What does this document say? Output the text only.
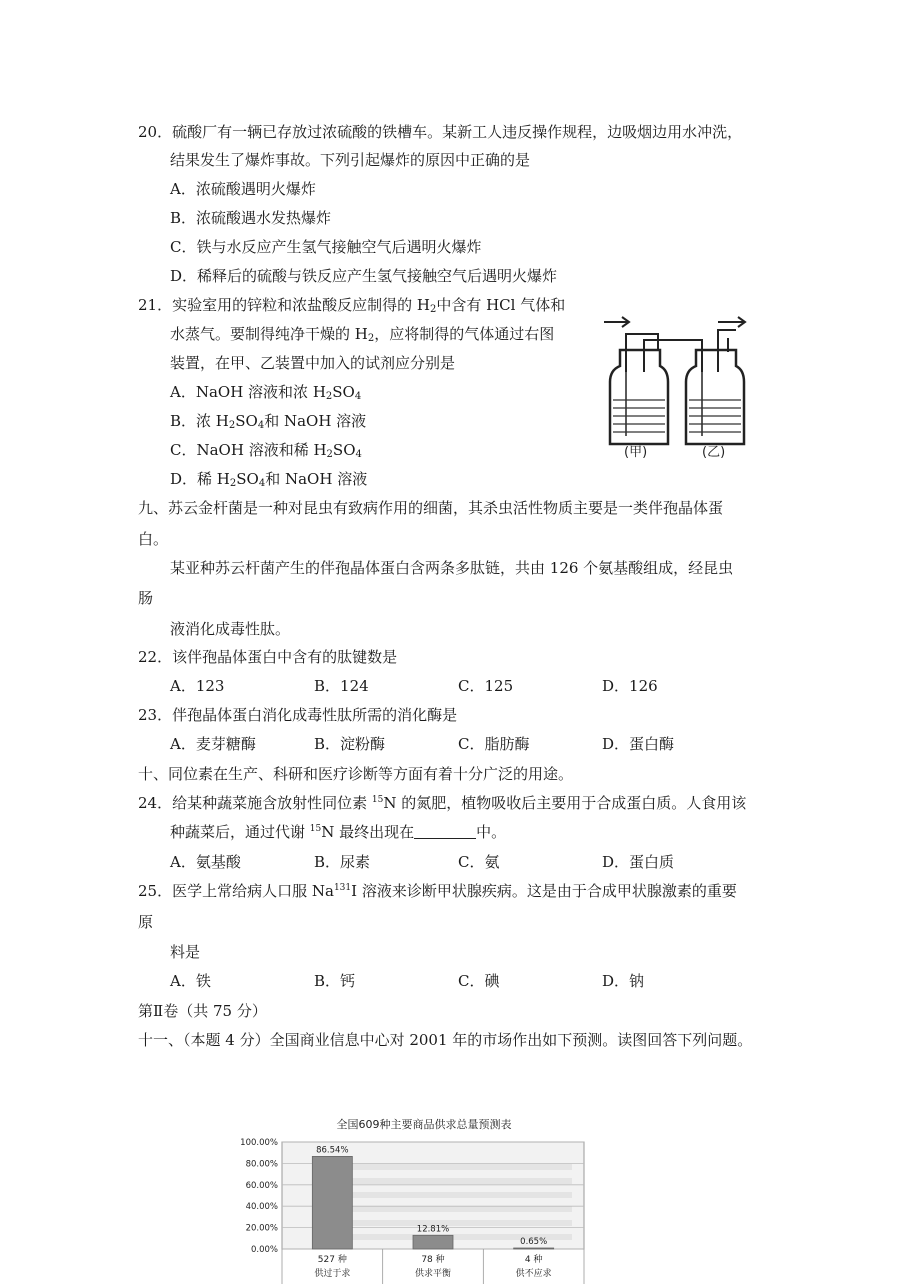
20．硫酸厂有一辆已存放过浓硫酸的铁槽车。某新工人违反操作规程，边吸烟边用水冲洗，
结果发生了爆炸事故。下列引起爆炸的原因中正确的是
A．浓硫酸遇明火爆炸
B．浓硫酸遇水发热爆炸
C．铁与水反应产生氢气接触空气后遇明火爆炸
D．稀释后的硫酸与铁反应产生氢气接触空气后遇明火爆炸
21．实验室用的锌粒和浓盐酸反应制得的 $H_2$中含有 HCl 气体和
水蒸气。要制得纯净干燥的 $H_2$，应将制得的气体通过右图
装置，在甲、乙装置中加入的试剂应分别是
A．NaOH 溶液和浓 $H_2SO_4$
B．浓 $H_2SO_4$和 NaOH 溶液
C．NaOH 溶液和稀 $H_2SO_4$
D．稀 $H_2SO_4$和 NaOH 溶液
(甲)	(乙)
九、苏云金杆菌是一种对昆虫有致病作用的细菌，其杀虫活性物质主要是一类伴孢晶体蛋
白。
某亚种苏云杆菌产生的伴孢晶体蛋白含两条多肽链，共由 126 个氨基酸组成，经昆虫
肠
液消化成毒性肽。
22．该伴孢晶体蛋白中含有的肽键数是
A．123	B．124	C．125	D．126
23．伴孢晶体蛋白消化成毒性肽所需的消化酶是
A．麦芽糖酶	B．淀粉酶	C．脂肪酶	D．蛋白酶
十、同位素在生产、科研和医疗诊断等方面有着十分广泛的用途。
24．给某种蔬菜施含放射性同位素 $^{15}$N 的氮肥，植物吸收后主要用于合成蛋白质。人食用该
种蔬菜后，通过代谢 $^{15}$N 最终出现在	中。
A．氨基酸	B．尿素	C．氨	D．蛋白质
25．医学上常给病人口服 Na$^{131}$I 溶液来诊断甲状腺疾病。这是由于合成甲状腺激素的重要
原
料是
A．铁	B．钙	C．碘	D．钠
第Ⅱ卷（共 75 分）
十一、（本题 4 分）全国商业信息中心对 2001 年的市场作出如下预测。读图回答下列问题。
全国609种主要商品供求总量预测表
100.00%
80.00%
60.00%
40.00%
20.00%
0.00%
86.54%
527 种
供过于求
12.81%
78 种
供求平衡
0.65%
4 种
供不应求
